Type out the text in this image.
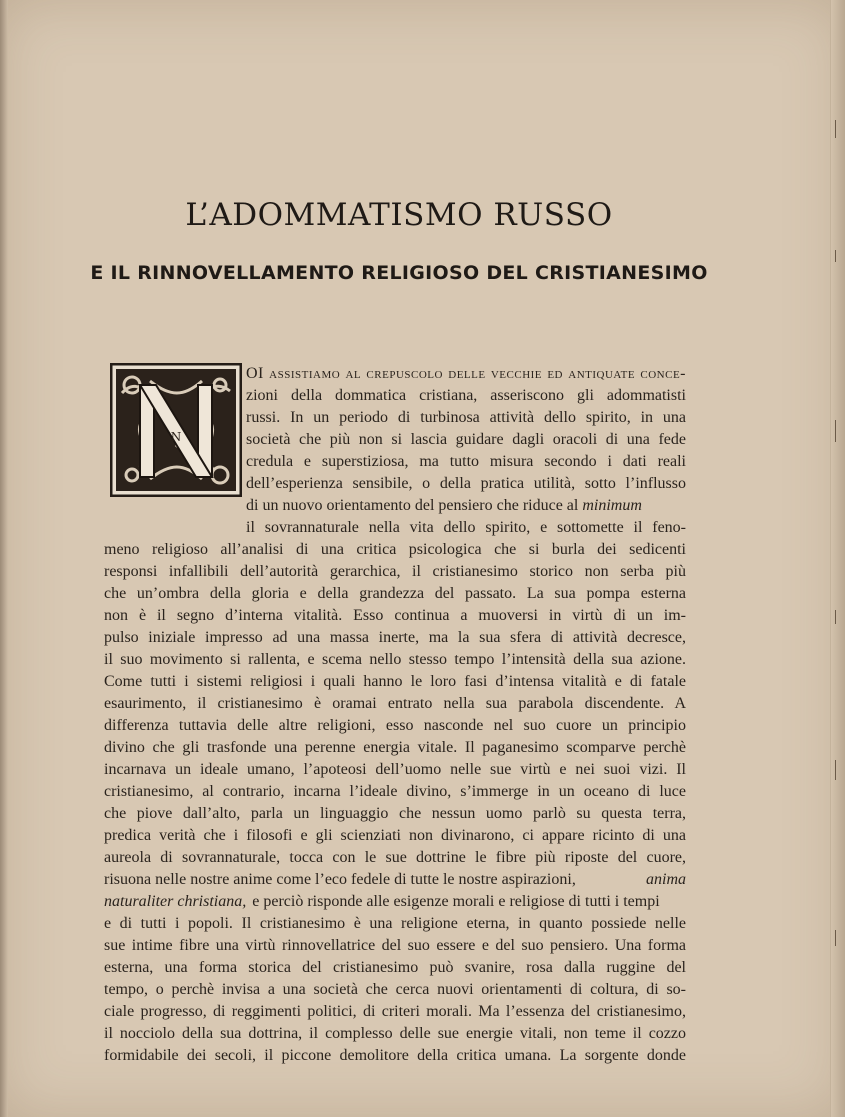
L’ADOMMATISMO RUSSO
E IL RINNOVELLAMENTO RELIGIOSO DEL CRISTIANESIMO
N
OI assistiamo al crepuscolo delle vecchie ed antiquate conce-
zioni della dommatica cristiana, asseriscono gli adommatisti
russi. In un periodo di turbinosa attività dello spirito, in una
società che più non si lascia guidare dagli oracoli di una fede
credula e superstiziosa, ma tutto misura secondo i dati reali
dell’esperienza sensibile, o della pratica utilità, sotto l’influsso
di un nuovo orientamento del pensiero che riduce al minimum
il sovrannaturale nella vita dello spirito, e sottomette il feno-
meno religioso all’analisi di una critica psicologica che si burla dei sedicenti
responsi infallibili dell’autorità gerarchica, il cristianesimo storico non serba più
che un’ombra della gloria e della grandezza del passato. La sua pompa esterna
non è il segno d’interna vitalità. Esso continua a muoversi in virtù di un im-
pulso iniziale impresso ad una massa inerte, ma la sua sfera di attività decresce,
il suo movimento si rallenta, e scema nello stesso tempo l’intensità della sua azione.
Come tutti i sistemi religiosi i quali hanno le loro fasi d’intensa vitalità e di fatale
esaurimento, il cristianesimo è oramai entrato nella sua parabola discendente. A
differenza tuttavia delle altre religioni, esso nasconde nel suo cuore un principio
divino che gli trasfonde una perenne energia vitale. Il paganesimo scomparve perchè
incarnava un ideale umano, l’apoteosi dell’uomo nelle sue virtù e nei suoi vizi. Il
cristianesimo, al contrario, incarna l’ideale divino, s’immerge in un oceano di luce
che piove dall’alto, parla un linguaggio che nessun uomo parlò su questa terra,
predica verità che i filosofi e gli scienziati non divinarono, ci appare ricinto di una
aureola di sovrannaturale, tocca con le sue dottrine le fibre più riposte del cuore,
risuona nelle nostre anime come l’eco fedele di tutte le nostre aspirazioni,	anima
naturaliter christiana, e perciò risponde alle esigenze morali e religiose di tutti i tempi
e di tutti i popoli. Il cristianesimo è una religione eterna, in quanto possiede nelle
sue intime fibre una virtù rinnovellatrice del suo essere e del suo pensiero. Una forma
esterna, una forma storica del cristianesimo può svanire, rosa dalla ruggine del
tempo, o perchè invisa a una società che cerca nuovi orientamenti di coltura, di so-
ciale progresso, di reggimenti politici, di criteri morali. Ma l’essenza del cristianesimo,
il nocciolo della sua dottrina, il complesso delle sue energie vitali, non teme il cozzo
formidabile dei secoli, il piccone demolitore della critica umana. La sorgente donde
